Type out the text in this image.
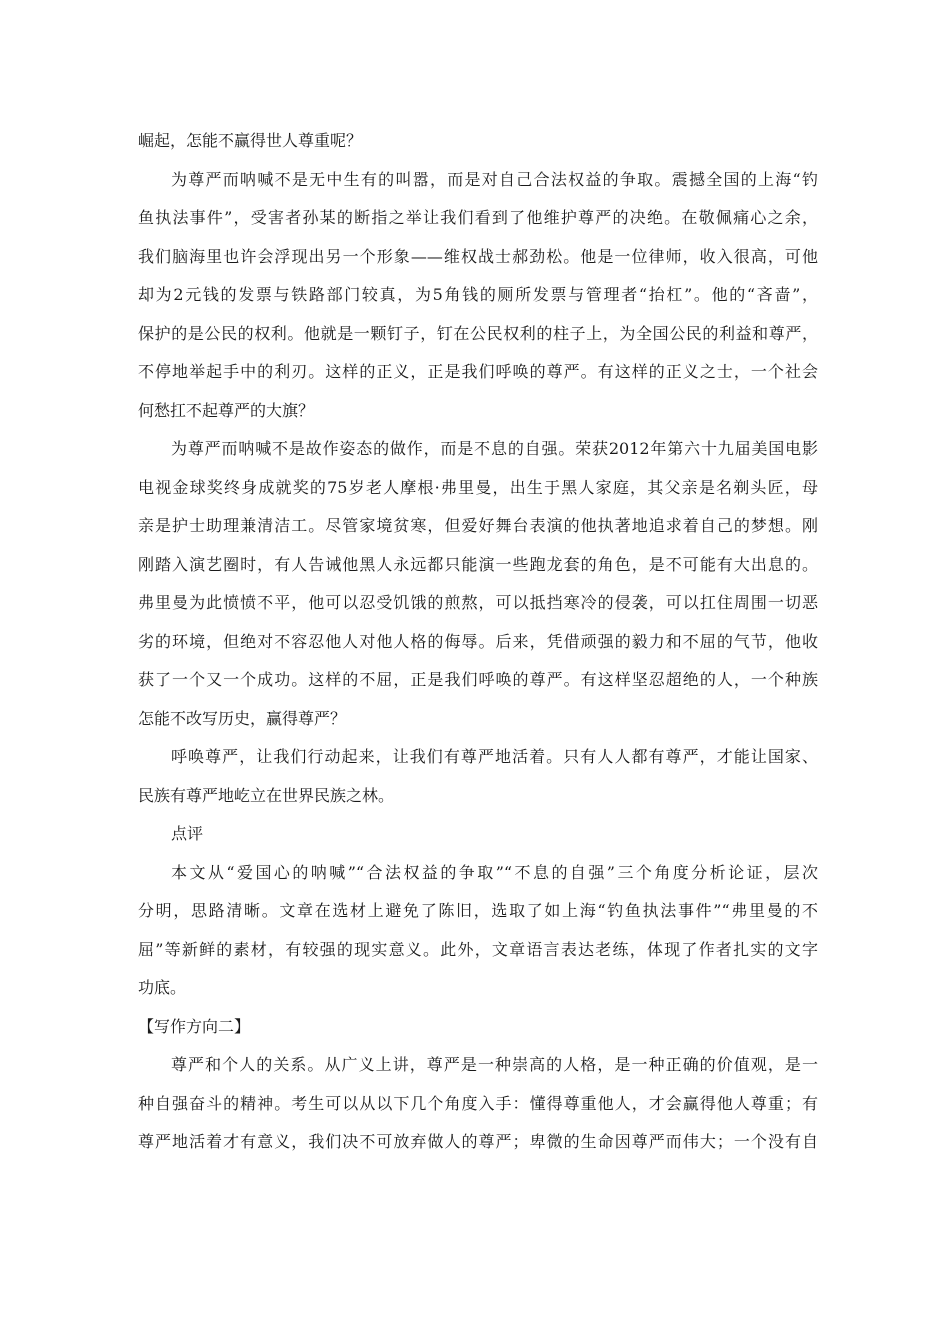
崛起，怎能不赢得世人尊重呢？
为尊严而呐喊不是无中生有的叫嚣，而是对自己合法权益的争取。震撼全国的上海“钓
鱼执法事件”，受害者孙某的断指之举让我们看到了他维护尊严的决绝。在敬佩痛心之余，
我们脑海里也许会浮现出另一个形象——维权战士郝劲松。他是一位律师，收入很高，可他
却为2元钱的发票与铁路部门较真，为5角钱的厕所发票与管理者“抬杠”。他的“吝啬”，
保护的是公民的权利。他就是一颗钉子，钉在公民权利的柱子上，为全国公民的利益和尊严，
不停地举起手中的利刃。这样的正义，正是我们呼唤的尊严。有这样的正义之士，一个社会
何愁扛不起尊严的大旗？
为尊严而呐喊不是故作姿态的做作，而是不息的自强。荣获2012年第六十九届美国电影
电视金球奖终身成就奖的75岁老人摩根·弗里曼，出生于黑人家庭，其父亲是名剃头匠，母
亲是护士助理兼清洁工。尽管家境贫寒，但爱好舞台表演的他执著地追求着自己的梦想。刚
刚踏入演艺圈时，有人告诫他黑人永远都只能演一些跑龙套的角色，是不可能有大出息的。
弗里曼为此愤愤不平，他可以忍受饥饿的煎熬，可以抵挡寒冷的侵袭，可以扛住周围一切恶
劣的环境，但绝对不容忍他人对他人格的侮辱。后来，凭借顽强的毅力和不屈的气节，他收
获了一个又一个成功。这样的不屈，正是我们呼唤的尊严。有这样坚忍超绝的人，一个种族
怎能不改写历史，赢得尊严？
呼唤尊严，让我们行动起来，让我们有尊严地活着。只有人人都有尊严，才能让国家、
民族有尊严地屹立在世界民族之林。
点评
本文从“爱国心的呐喊”“合法权益的争取”“不息的自强”三个角度分析论证，层次
分明，思路清晰。文章在选材上避免了陈旧，选取了如上海“钓鱼执法事件”“弗里曼的不
屈”等新鲜的素材，有较强的现实意义。此外，文章语言表达老练，体现了作者扎实的文字
功底。
【写作方向二】
尊严和个人的关系。从广义上讲，尊严是一种崇高的人格，是一种正确的价值观，是一
种自强奋斗的精神。考生可以从以下几个角度入手：懂得尊重他人，才会赢得他人尊重；有
尊严地活着才有意义，我们决不可放弃做人的尊严；卑微的生命因尊严而伟大；一个没有自
